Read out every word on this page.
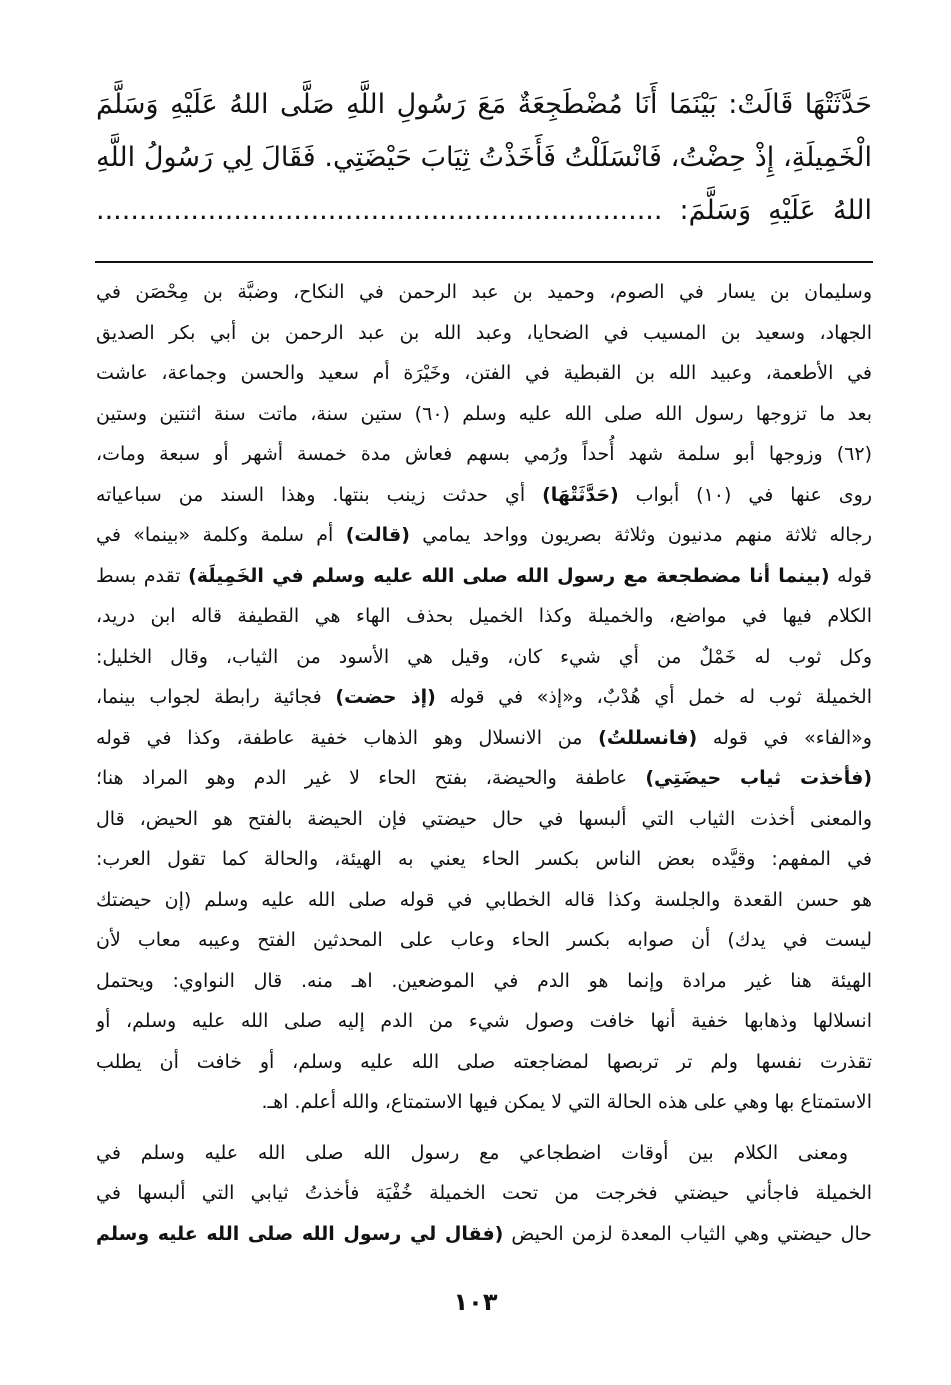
حَدَّثَتْهَا قَالَتْ: بَيْنَمَا أَنَا مُضْطَجِعَةٌ مَعَ رَسُولِ اللَّهِ صَلَّى اللهُ عَلَيْهِ وَسَلَّمَ
الْخَمِيلَةِ، إِذْ حِضْتُ، فَانْسَلَلْتُ فَأَخَذْتُ ثِيَابَ حَيْضَتِي. فَقَالَ لِي رَسُولُ اللَّهِ
اللهُ عَلَيْهِ وَسَلَّمَ: ..................................................................
وسليمان بن يسار في الصوم، وحميد بن عبد الرحمن في النكاح، وضبَّة بن مِحْصَن في
الجهاد، وسعيد بن المسيب في الضحايا، وعبد الله بن عبد الرحمن بن أبي بكر الصديق
في الأطعمة، وعبيد الله بن القبطية في الفتن، وخَيْرَة أم سعيد والحسن وجماعة، عاشت
بعد ما تزوجها رسول الله صلى الله عليه وسلم (٦٠) ستين سنة، ماتت سنة اثنتين وستين
(٦٢) وزوجها أبو سلمة شهد أُحداً ورُمي بسهم فعاش مدة خمسة أشهر أو سبعة ومات،
روى عنها في (١٠) أبواب (حَدَّثَتْهَا) أي حدثت زينب بنتها. وهذا السند من سباعياته
رجاله ثلاثة منهم مدنيون وثلاثة بصريون وواحد يمامي (قالت) أم سلمة وكلمة «بينما» في
قوله (بينما أنا مضطجعة مع رسول الله صلى الله عليه وسلم في الخَمِيلَة) تقدم بسط
الكلام فيها في مواضع، والخميلة وكذا الخميل بحذف الهاء هي القطيفة قاله ابن دريد،
وكل ثوب له خَمْلٌ من أي شيء كان، وقيل هي الأسود من الثياب، وقال الخليل:
الخميلة ثوب له خمل أي هُدْبٌ، و«إذ» في قوله (إذ حضت) فجائية رابطة لجواب بينما،
و«الفاء» في قوله (فانسللتُ) من الانسلال وهو الذهاب خفية عاطفة، وكذا في قوله
(فأخذت ثياب حيضَتِي) عاطفة والحيضة، بفتح الحاء لا غير الدم وهو المراد هنا؛
والمعنى أخذت الثياب التي ألبسها في حال حيضتي فإن الحيضة بالفتح هو الحيض، قال
في المفهم: وقيَّده بعض الناس بكسر الحاء يعني به الهيئة، والحالة كما تقول العرب:
هو حسن القعدة والجلسة وكذا قاله الخطابي في قوله صلى الله عليه وسلم (إن حيضتك
ليست في يدك) أن صوابه بكسر الحاء وعاب على المحدثين الفتح وعيبه معاب لأن
الهيئة هنا غير مرادة وإنما هو الدم في الموضعين. اهـ منه. قال النواوي: ويحتمل
انسلالها وذهابها خفية أنها خافت وصول شيء من الدم إليه صلى الله عليه وسلم، أو
تقذرت نفسها ولم تر تربصها لمضاجعته صلى الله عليه وسلم، أو خافت أن يطلب
الاستمتاع بها وهي على هذه الحالة التي لا يمكن فيها الاستمتاع، والله أعلم. اهـ.
ومعنى الكلام بين أوقات اضطجاعي مع رسول الله صلى الله عليه وسلم في
الخميلة فاجأني حيضتي فخرجت من تحت الخميلة خُفْيَة فأخذتُ ثيابي التي ألبسها في
حال حيضتي وهي الثياب المعدة لزمن الحيض (فقال لي رسول الله صلى الله عليه وسلم
١٠٣
